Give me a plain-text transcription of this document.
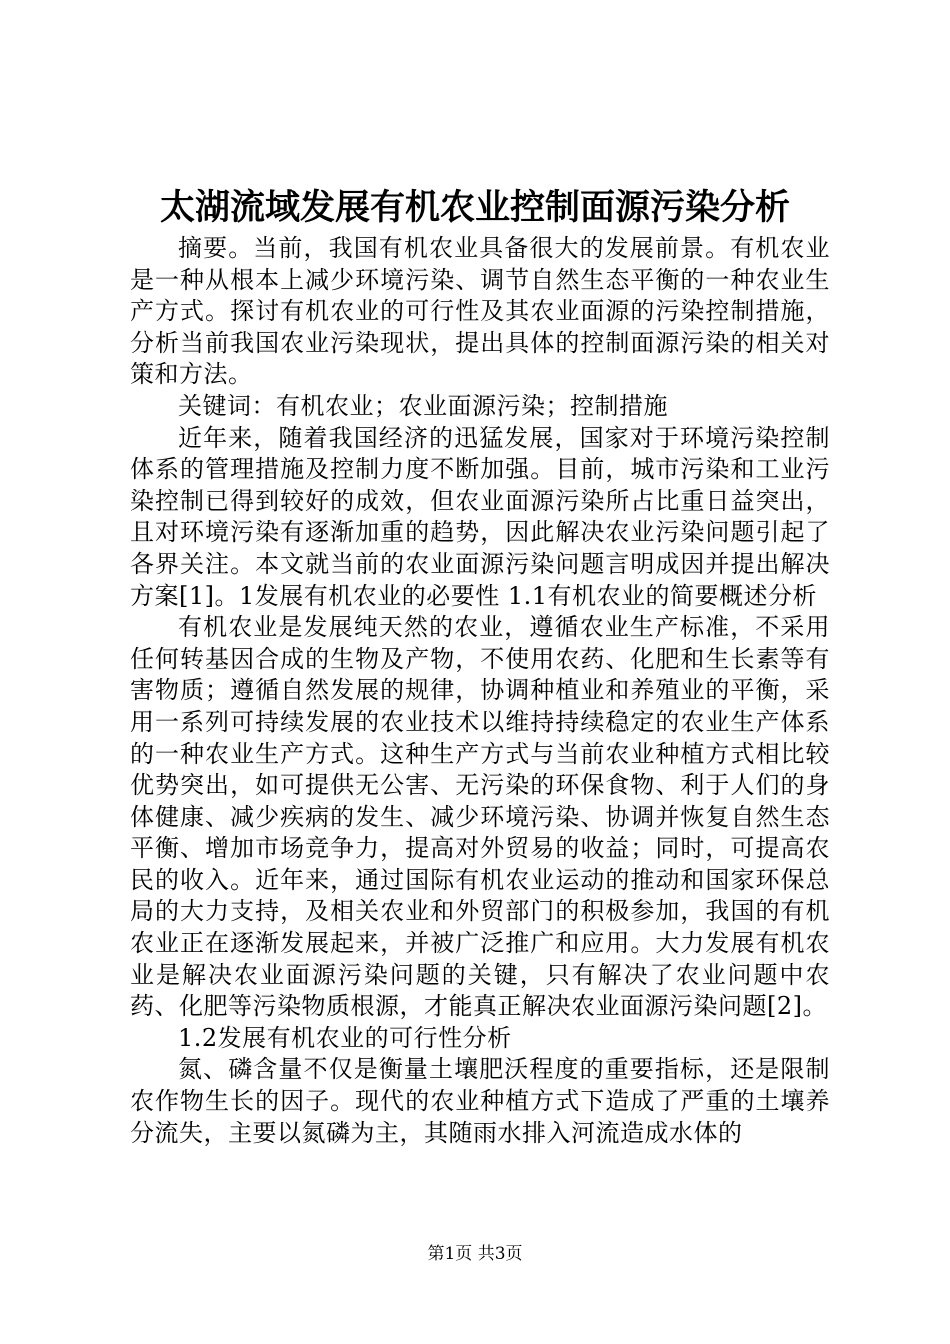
太湖流域发展有机农业控制面源污染分析

摘要。当前，我国有机农业具备很大的发展前景。有机农业是一种从根本上减少环境污染、调节自然生态平衡的一种农业生产方式。探讨有机农业的可行性及其农业面源的污染控制措施，分析当前我国农业污染现状，提出具体的控制面源污染的相关对策和方法。

关键词：有机农业；农业面源污染；控制措施

近年来，随着我国经济的迅猛发展，国家对于环境污染控制体系的管理措施及控制力度不断加强。目前，城市污染和工业污染控制已得到较好的成效，但农业面源污染所占比重日益突出，且对环境污染有逐渐加重的趋势，因此解决农业污染问题引起了各界关注。本文就当前的农业面源污染问题言明成因并提出解决方案[1]。1发展有机农业的必要性 1.1有机农业的简要概述分析

有机农业是发展纯天然的农业，遵循农业生产标准，不采用任何转基因合成的生物及产物，不使用农药、化肥和生长素等有害物质；遵循自然发展的规律，协调种植业和养殖业的平衡，采用一系列可持续发展的农业技术以维持持续稳定的农业生产体系的一种农业生产方式。这种生产方式与当前农业种植方式相比较优势突出，如可提供无公害、无污染的环保食物、利于人们的身体健康、减少疾病的发生、减少环境污染、协调并恢复自然生态平衡、增加市场竞争力，提高对外贸易的收益；同时，可提高农民的收入。近年来，通过国际有机农业运动的推动和国家环保总局的大力支持，及相关农业和外贸部门的积极参加，我国的有机农业正在逐渐发展起来，并被广泛推广和应用。大力发展有机农业是解决农业面源污染问题的关键，只有解决了农业问题中农药、化肥等污染物质根源，才能真正解决农业面源污染问题[2]。

1.2发展有机农业的可行性分析

氮、磷含量不仅是衡量土壤肥沃程度的重要指标，还是限制农作物生长的因子。现代的农业种植方式下造成了严重的土壤养分流失，主要以氮磷为主，其随雨水排入河流造成水体的

第1页 共3页
